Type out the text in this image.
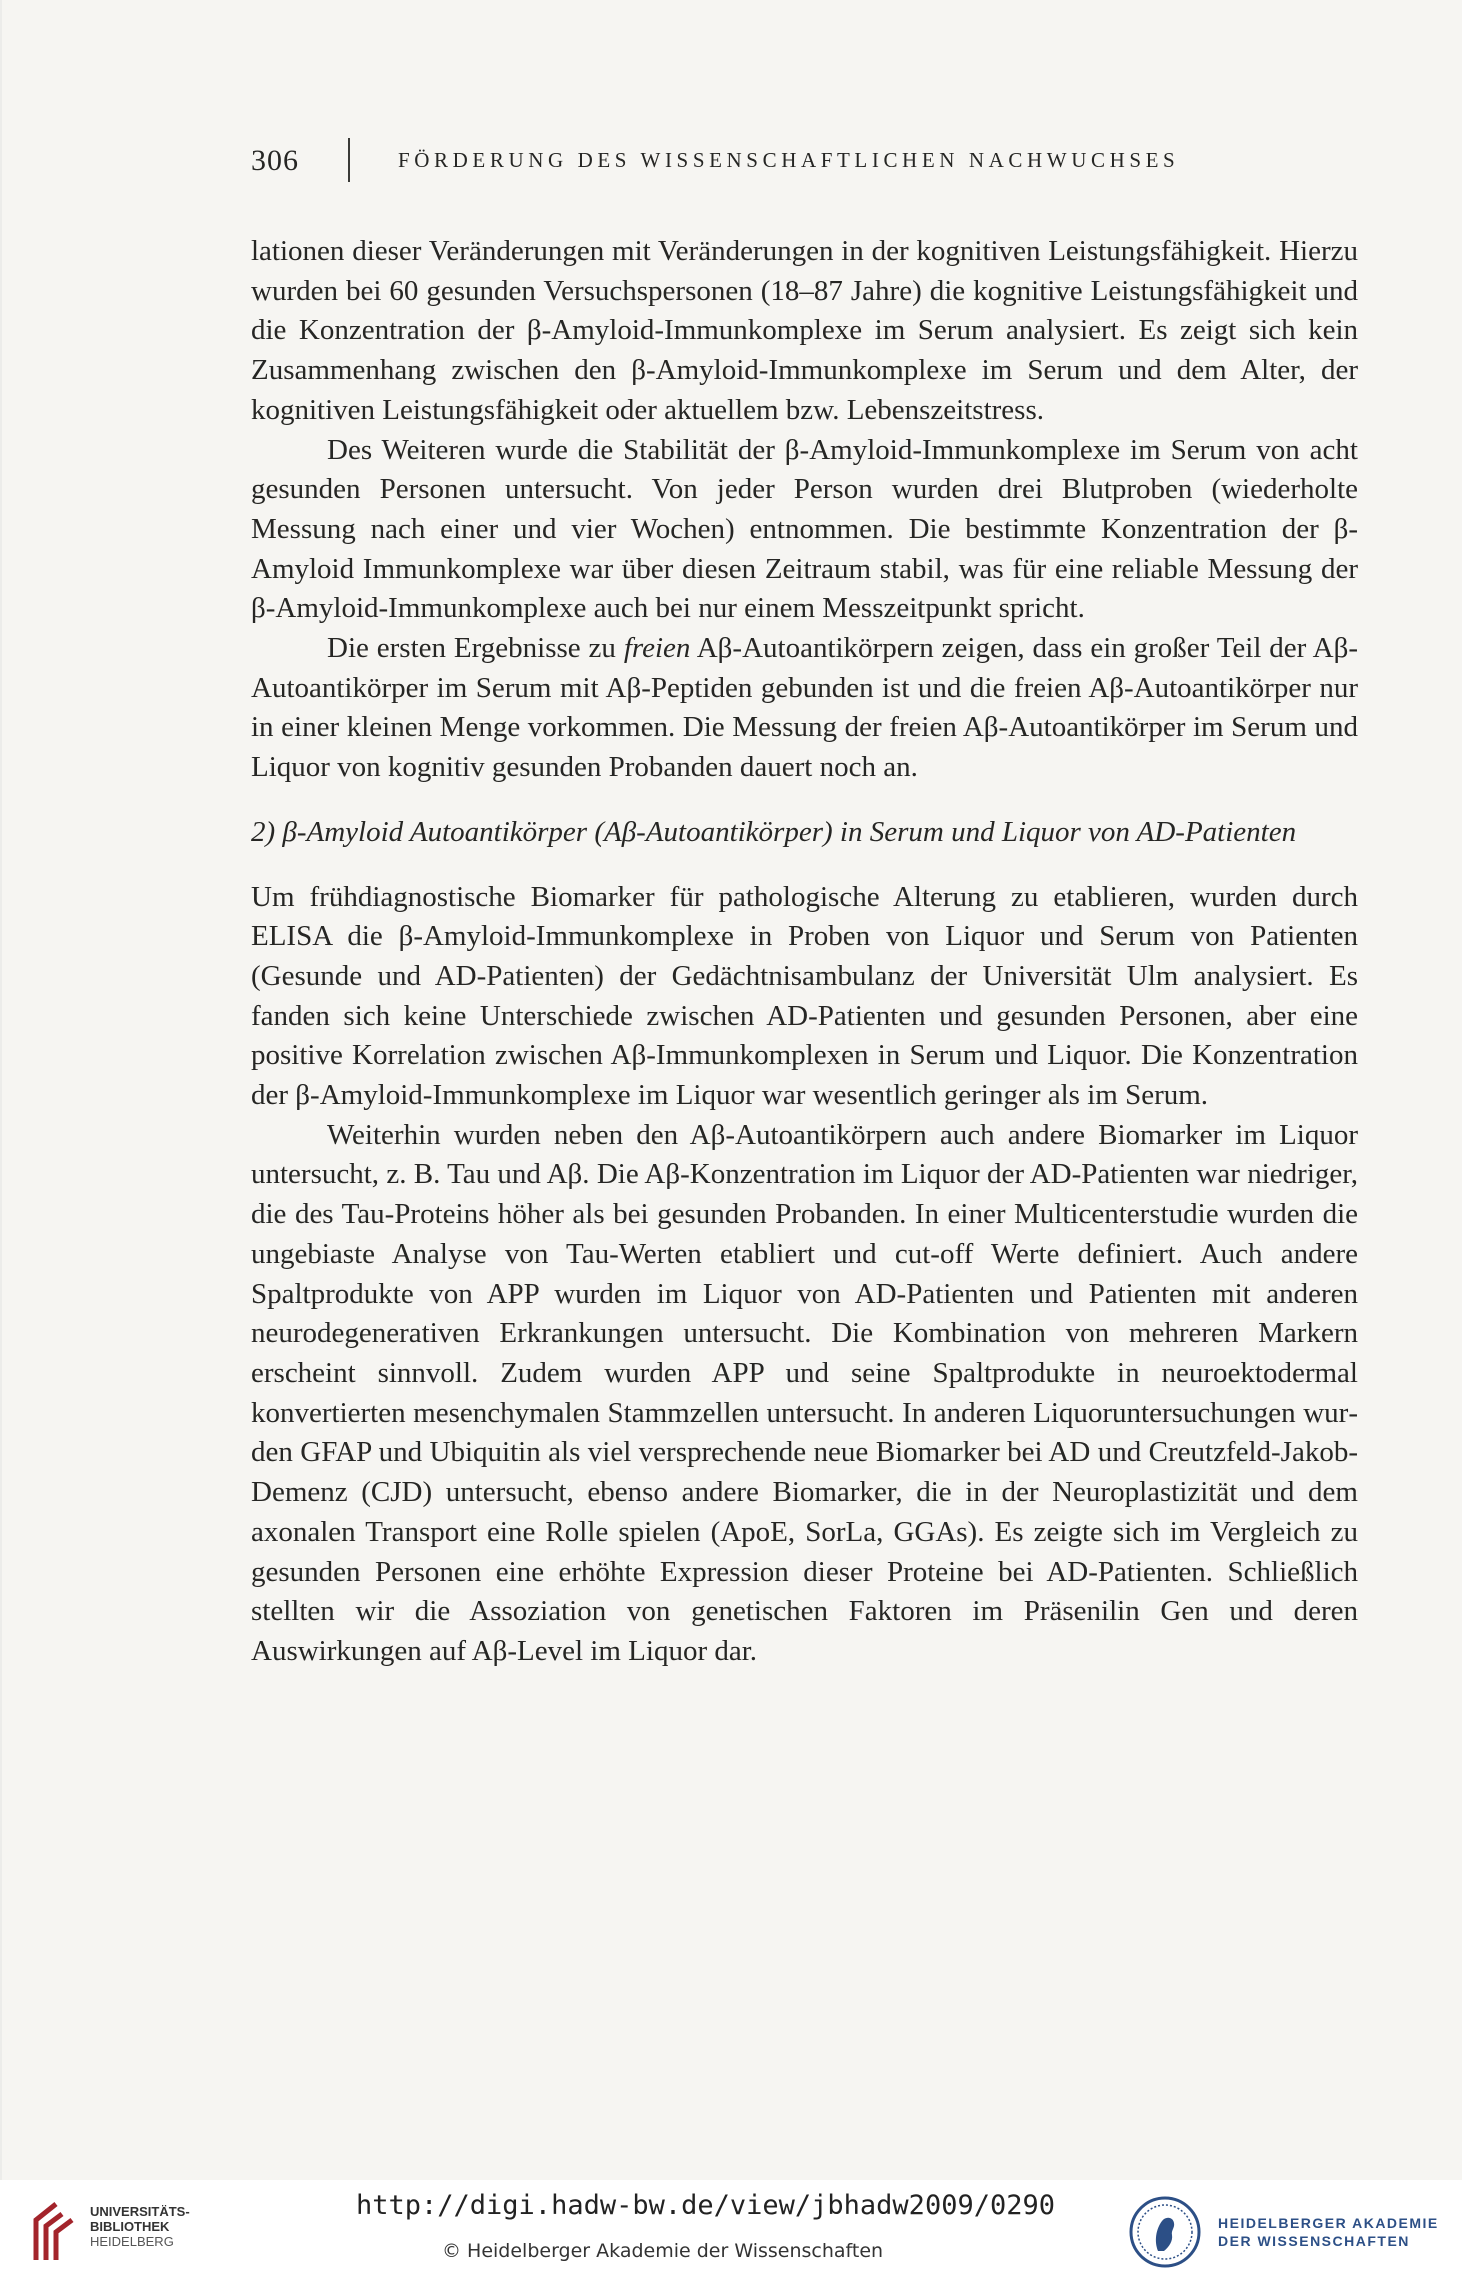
306	FÖRDERUNG DES WISSENSCHAFTLICHEN NACHWUCHSES

lationen dieser Veränderungen mit Veränderungen in der kognitiven Leistungsfähigkeit. Hierzu wurden bei 60 gesunden Versuchspersonen (18–87 Jahre) die kognitive Leistungsfähigkeit und die Konzentration der β-Amyloid-Immunkomplexe im Serum analysiert. Es zeigt sich kein Zusammenhang zwischen den β-Amyloid-Immunkomplexe im Serum und dem Alter, der kognitiven Leistungsfähigkeit oder aktuellem bzw. Lebenszeitstress.

Des Weiteren wurde die Stabilität der β-Amyloid-Immunkomplexe im Serum von acht gesunden Personen untersucht. Von jeder Person wurden drei Blutproben (wiederholte Messung nach einer und vier Wochen) entnommen. Die bestimmte Konzentration der β-Amyloid Immunkomplexe war über diesen Zeitraum stabil, was für eine reliable Messung der β-Amyloid-Immunkomplexe auch bei nur einem Messzeitpunkt spricht.

Die ersten Ergebnisse zu freien Aβ-Autoantikörpern zeigen, dass ein großer Teil der Aβ-Autoantikörper im Serum mit Aβ-Peptiden gebunden ist und die freien Aβ-Autoantikörper nur in einer kleinen Menge vorkommen. Die Messung der freien Aβ-Autoantikörper im Serum und Liquor von kognitiv gesunden Probanden dauert noch an.

2) β-Amyloid Autoantikörper (Aβ-Autoantikörper) in Serum und Liquor von AD-Patienten

Um frühdiagnostische Biomarker für pathologische Alterung zu etablieren, wurden durch ELISA die β-Amyloid-Immunkomplexe in Proben von Liquor und Serum von Patienten (Gesunde und AD-Patienten) der Gedächtnisambulanz der Universität Ulm analysiert. Es fanden sich keine Unterschiede zwischen AD-Patienten und gesunden Personen, aber eine positive Korrelation zwischen Aβ-Immunkomplexen in Serum und Liquor. Die Konzentration der β-Amyloid-Immunkomplexe im Liquor war wesentlich geringer als im Serum.

Weiterhin wurden neben den Aβ-Autoantikörpern auch andere Biomarker im Liquor untersucht, z. B. Tau und Aβ. Die Aβ-Konzentration im Liquor der AD-Patienten war niedriger, die des Tau-Proteins höher als bei gesunden Probanden. In einer Multicenterstudie wurden die ungebiaste Analyse von Tau-Werten etabliert und cut-off Werte definiert. Auch andere Spaltprodukte von APP wurden im Liquor von AD-Patienten und Patienten mit anderen neurodegenerativen Erkrankungen untersucht. Die Kombination von mehreren Markern erscheint sinnvoll. Zudem wurden APP und seine Spaltprodukte in neuroektodermal konvertierten mesenchymalen Stammzellen untersucht. In anderen Liquoruntersuchungen wurden GFAP und Ubiquitin als viel versprechende neue Biomarker bei AD und Creutzfeld-Jakob-Demenz (CJD) untersucht, ebenso andere Biomarker, die in der Neuroplastizität und dem axonalen Transport eine Rolle spielen (ApoE, SorLa, GGAs). Es zeigte sich im Vergleich zu gesunden Personen eine erhöhte Expression dieser Proteine bei AD-Patienten. Schließlich stellten wir die Assoziation von genetischen Faktoren im Präsenilin Gen und deren Auswirkungen auf Aβ-Level im Liquor dar.

UNIVERSITÄTS-
BIBLIOTHEK
HEIDELBERG
http://digi.hadw-bw.de/view/jbhadw2009/0290
© Heidelberger Akademie der Wissenschaften
HEIDELBERGER AKADEMIE
DER WISSENSCHAFTEN
